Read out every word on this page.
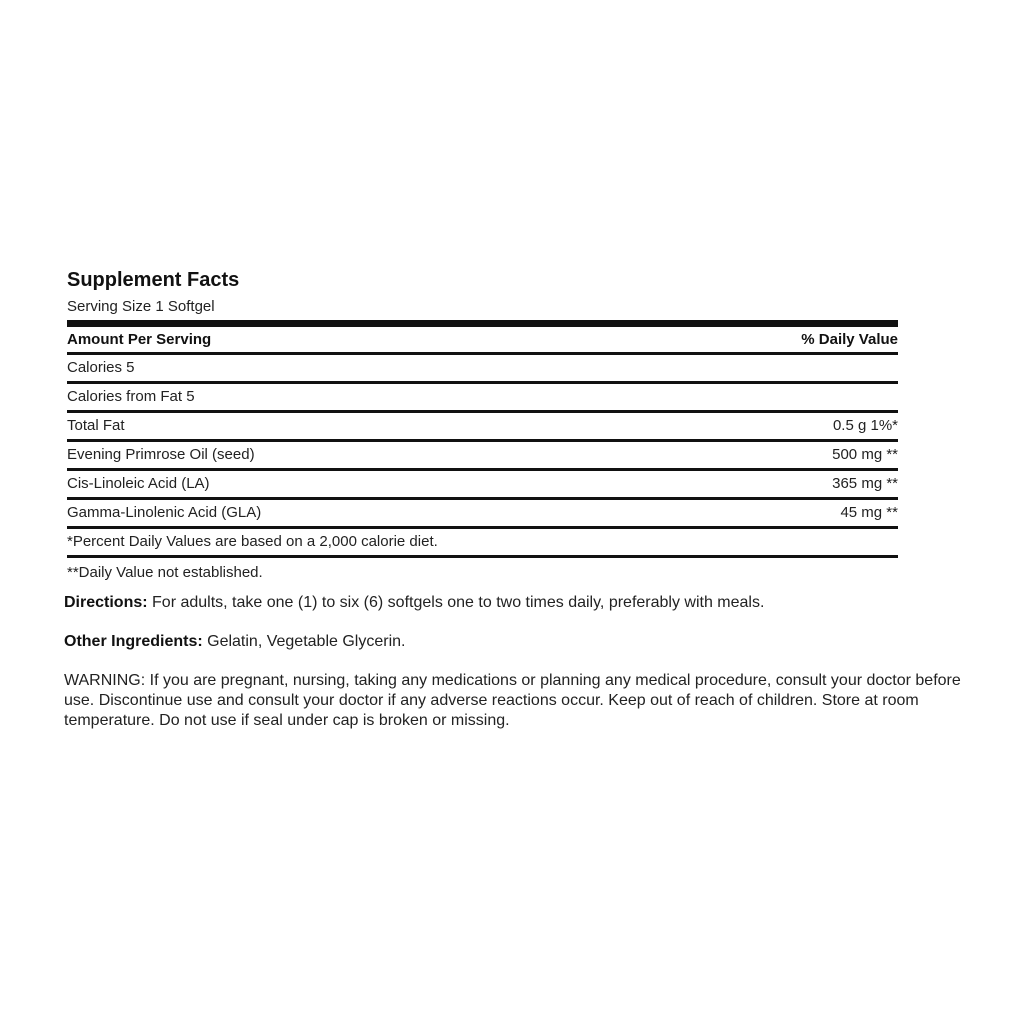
Supplement Facts
Serving Size 1 Softgel
Amount Per Serving	% Daily Value
Calories 5
Calories from Fat 5
Total Fat	0.5 g 1%*
Evening Primrose Oil (seed)	500 mg **
Cis-Linoleic Acid (LA)	365 mg **
Gamma-Linolenic Acid (GLA)	45 mg **
*Percent Daily Values are based on a 2,000 calorie diet.
**Daily Value not established.

Directions: For adults, take one (1) to six (6) softgels one to two times daily, preferably with meals.

Other Ingredients: Gelatin, Vegetable Glycerin.

WARNING: If you are pregnant, nursing, taking any medications or planning any medical procedure, consult your doctor before use. Discontinue use and consult your doctor if any adverse reactions occur. Keep out of reach of children. Store at room temperature. Do not use if seal under cap is broken or missing.
